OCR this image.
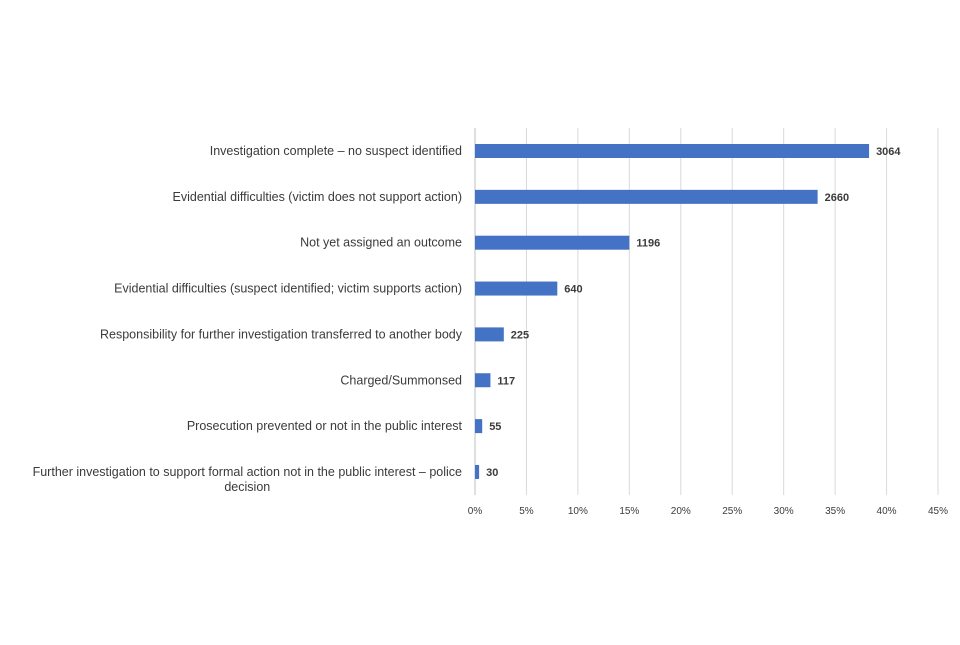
Investigation complete – no suspect identified
Evidential difficulties (victim does not support action)
Not yet assigned an outcome
Evidential difficulties (suspect identified; victim supports action)
Responsibility for further investigation transferred to another body
Charged/Summonsed
Prosecution prevented or not in the public interest
Further investigation to support formal action not in the public interest – police decision
3064
2660
1196
640
225
117
55
30
0%	5%	10%	15%	20%	25%	30%	35%	40%	45%
